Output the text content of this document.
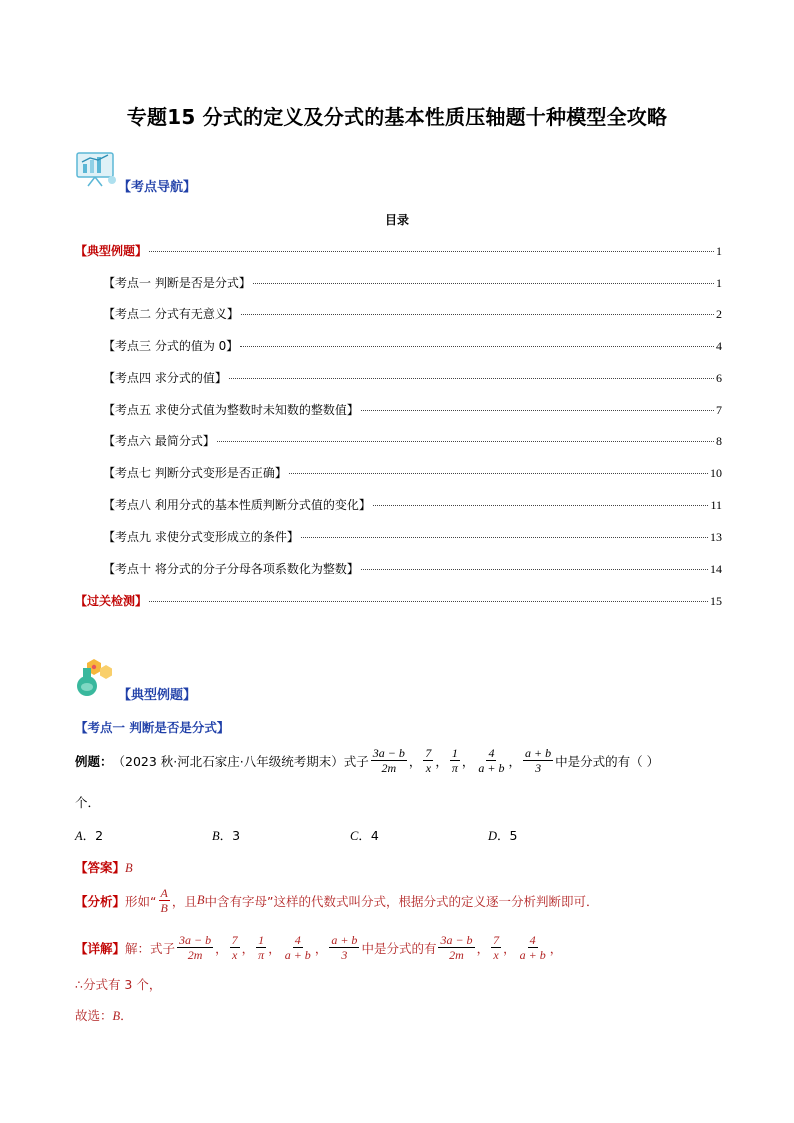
专题15 分式的定义及分式的基本性质压轴题十种模型全攻略
【考点导航】
目录
【典型例题】	1
【考点一 判断是否是分式】	1
【考点二 分式有无意义】	2
【考点三 分式的值为 0】	4
【考点四 求分式的值】	6
【考点五 求使分式值为整数时未知数的整数值】	7
【考点六 最简分式】	8
【考点七 判断分式变形是否正确】	10
【考点八 利用分式的基本性质判断分式值的变化】	11
【考点九 求使分式变形成立的条件】	13
【考点十 将分式的分子分母各项系数化为整数】	14
【过关检测】	15
【典型例题】
【考点一 判断是否是分式】
例题： （2023 秋·河北石家庄·八年级统考期末）式子 $\frac{3a - b}{2m}$ ， $\frac{7}{x}$ ， $\frac{1}{\pi}$ ， $\frac{4}{a + b}$ ， $\frac{a + b}{3}$ 中是分式的有（ ）
个．
A．2	B．3	C．4	D．5
【答案】B
【分析】 形如“ $\frac{A}{B}$ ，且 B 中含有字母”这样的代数式叫分式，根据分式的定义逐一分析判断即可．
【详解】 解：式子 $\frac{3a - b}{2m}$ ， $\frac{7}{x}$ ， $\frac{1}{\pi}$ ， $\frac{4}{a + b}$ ， $\frac{a + b}{3}$ 中是分式的有 $\frac{3a - b}{2m}$ ， $\frac{7}{x}$ ， $\frac{4}{a + b}$ ，
∴分式有 3 个，
故选：B．
